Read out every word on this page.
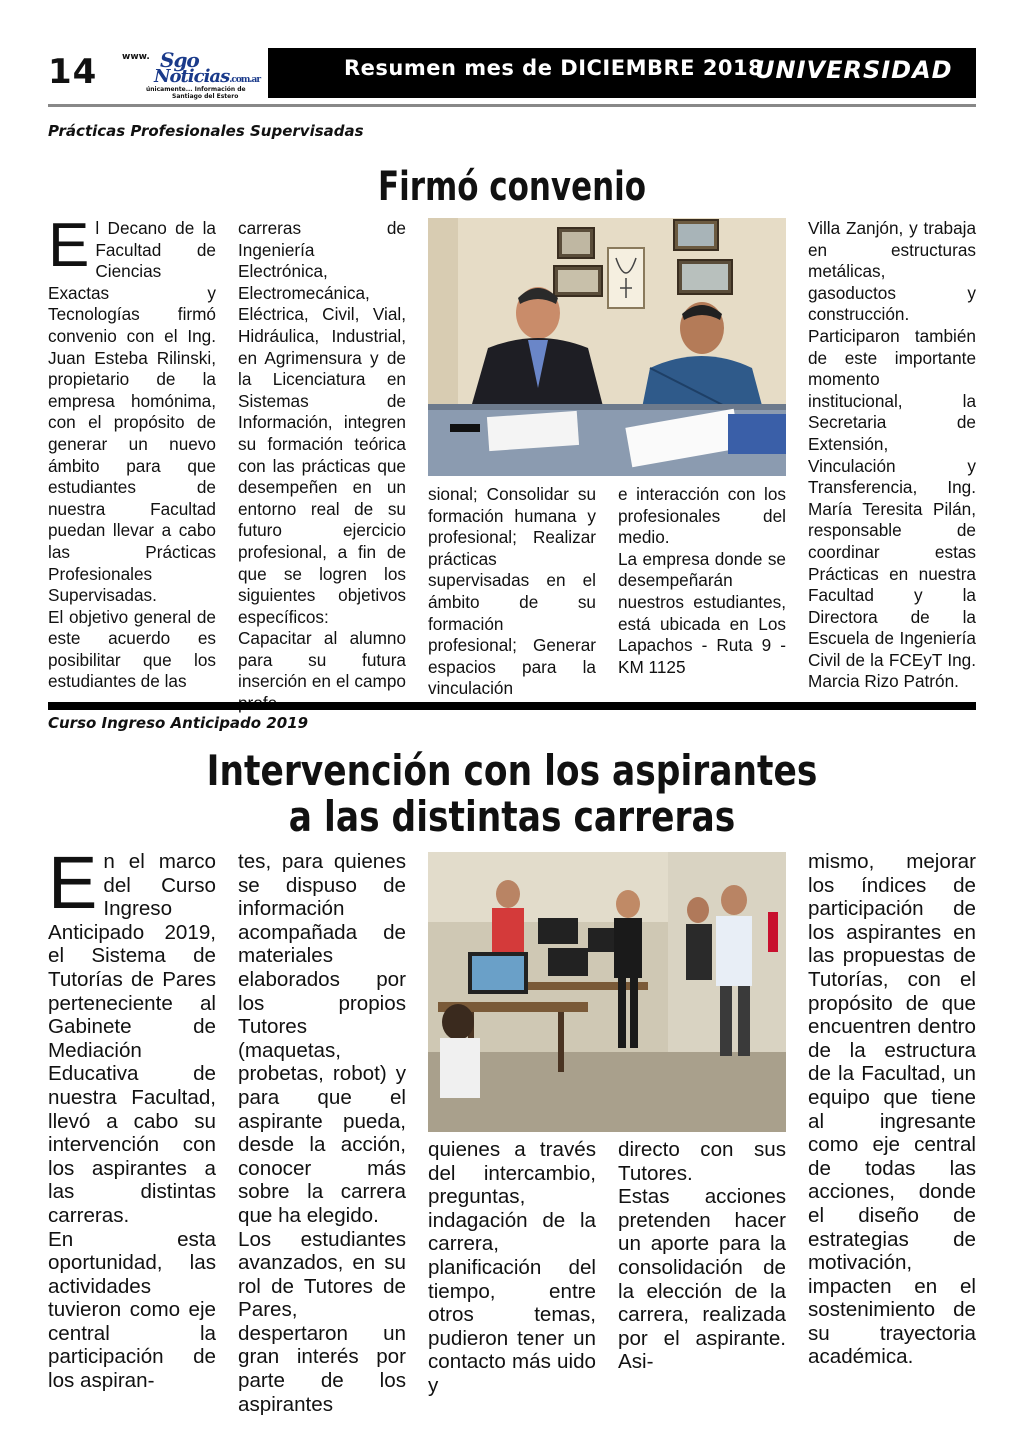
14	www. Sgo
Noticias.com.ar
únicamente... Información de
Santiago del Estero
Resumen mes de DICIEMBRE 2018
UNIVERSIDAD
Prácticas Profesionales Supervisadas
Firmó convenio
E l Decano de la Facultad de Ciencias Exactas y Tecnologías firmó convenio con el Ing. Juan Esteba Rilinski, propietario de la empresa homónima, con el propósito de generar un nuevo ámbito para que estudiantes de nuestra Facultad puedan llevar a cabo las Prácticas Profesionales Supervisadas.

El objetivo general de este acuerdo es posibilitar que los estudiantes de las

carreras de Ingeniería Electrónica, Electromecánica, Eléctrica, Civil, Vial, Hidráulica, Industrial, en Agrimensura y de la Licenciatura en Sistemas de Información, integren su formación teórica con las prácticas que desempeñen en un entorno real de su futuro ejercicio profesional, a fin de que se logren los siguientes objetivos específicos: Capacitar al alumno para su futura inserción en el campo

sional; Consolidar su formación humana y profesional; Realizar prácticas supervisadas en el ámbito de su formación profesional; Generar espacios para la vinculación

e interacción con los profesionales del medio.

La empresa donde se desempeñarán nuestros estudiantes, está ubicada en Los Lapachos - Ruta 9 - KM 1125

Villa Zanjón, y trabaja en estructuras metálicas, gasoductos y construcción.

Participaron también de este importante momento institucional, la Secretaria de Extensión, Vinculación y Transferencia, Ing. María Teresita Pilán, responsable de coordinar estas Prácticas en nuestra Facultad y la Directora de la Escuela de Ingeniería Civil de la FCEyT Ing. Marcia Rizo Patrón.

Curso Ingreso Anticipado 2019
Intervención con los aspirantes
a las distintas carreras
E n el marco del Curso Ingreso Anticipado 2019, el Sistema de Tutorías de Pares perteneciente al Gabinete de Mediación Educativa de nuestra Facultad, llevó a cabo su intervención con los aspirantes a las distintas carreras.

En esta oportunidad, las actividades tuvieron como eje central la participación de los aspiran-

tes, para quienes se dispuso de información acompañada de materiales elaborados por los propios Tutores (maquetas, probetas, robot) y para que el aspirante pueda, desde la acción, conocer más sobre la carrera que ha elegido.

Los estudiantes avanzados, en su rol de Tutores de Pares, despertaron un gran interés por parte de los aspirantes

quienes a través del intercambio, preguntas, indagación de la carrera, planificación del tiempo, entre otros temas, pudieron tener un contacto más uido y

directo con sus Tutores.

Estas acciones pretenden hacer un aporte para la consolidación de la elección de la carrera, realizada por el aspirante. Asi-

mismo, mejorar los índices de participación de los aspirantes en las propuestas de Tutorías, con el propósito de que encuentren dentro de la estructura de la Facultad, un equipo que tiene al ingresante como eje central de todas las acciones, donde el diseño de estrategias de motivación, impacten en el sostenimiento de su trayectoria académica.
